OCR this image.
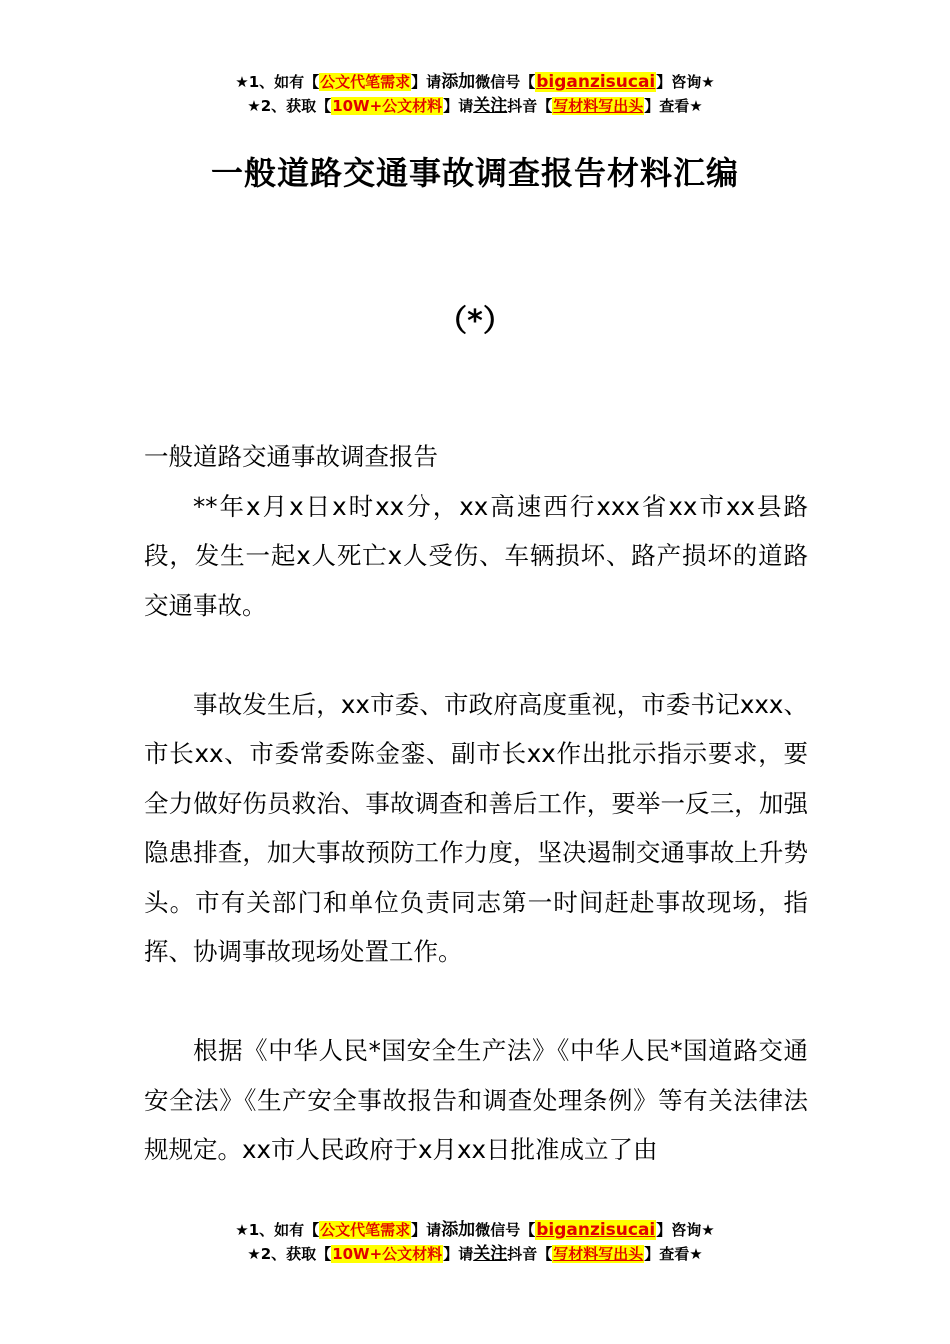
★1、如有【公文代笔需求】请添加微信号【biganzisucai】咨询★
★2、获取【10W+公文材料】请关注抖音【写材料写出头】查看★
一般道路交通事故调查报告材料汇编
（*）

一般道路交通事故调查报告

**年x月x日x时xx分，xx高速西行xxx省xx市xx县路段，发生一起x人死亡x人受伤、车辆损坏、路产损坏的道路交通事故。

事故发生后，xx市委、市政府高度重视，市委书记xxx、市长xx、市委常委陈金銮、副市长xx作出批示指示要求，要全力做好伤员救治、事故调查和善后工作，要举一反三，加强隐患排查，加大事故预防工作力度，坚决遏制交通事故上升势头。市有关部门和单位负责同志第一时间赶赴事故现场，指挥、协调事故现场处置工作。

根据《中华人民*国安全生产法》《中华人民*国道路交通安全法》《生产安全事故报告和调查处理条例》等有关法律法规规定。xx市人民政府于x月xx日批准成立了由

★1、如有【公文代笔需求】请添加微信号【biganzisucai】咨询★
★2、获取【10W+公文材料】请关注抖音【写材料写出头】查看★
